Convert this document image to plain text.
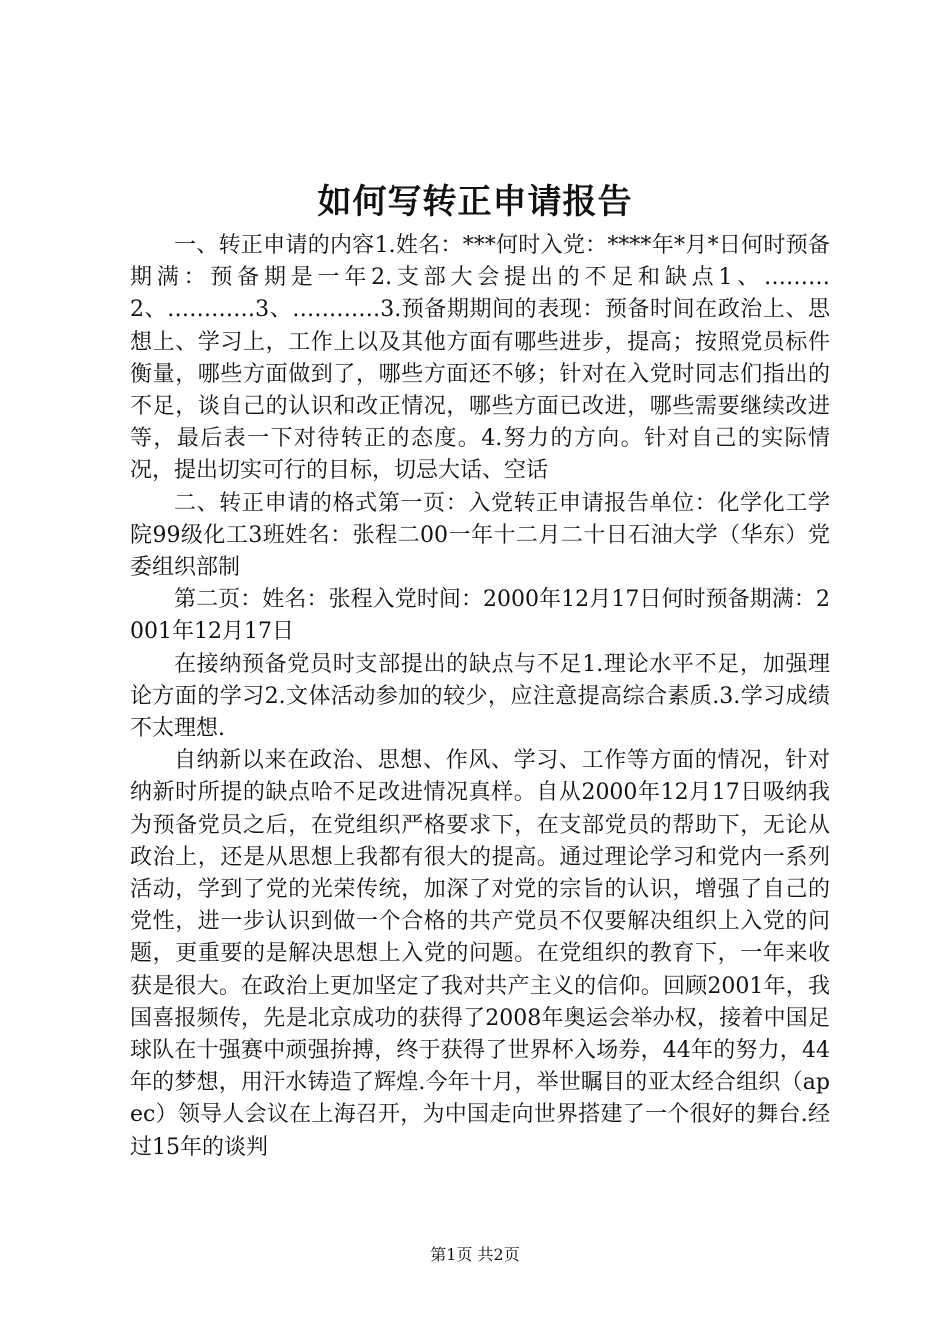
如何写转正申请报告

一、转正申请的内容1.姓名：***何时入党：****年*月*日何时预备期满：预备期是一年2.支部大会提出的不足和缺点1、………2、…………3、…………3.预备期期间的表现：预备时间在政治上、思想上、学习上，工作上以及其他方面有哪些进步，提高；按照党员标件衡量，哪些方面做到了，哪些方面还不够；针对在入党时同志们指出的不足，谈自己的认识和改正情况，哪些方面已改进，哪些需要继续改进等，最后表一下对待转正的态度。4.努力的方向。针对自己的实际情况，提出切实可行的目标，切忌大话、空话

二、转正申请的格式第一页：入党转正申请报告单位：化学化工学院99级化工3班姓名：张程二00一年十二月二十日石油大学（华东）党委组织部制

第二页：姓名：张程入党时间：2000年12月17日何时预备期满：2001年12月17日

在接纳预备党员时支部提出的缺点与不足1.理论水平不足，加强理论方面的学习2.文体活动参加的较少，应注意提高综合素质.3.学习成绩不太理想.

自纳新以来在政治、思想、作风、学习、工作等方面的情况，针对纳新时所提的缺点哈不足改进情况真样。自从2000年12月17日吸纳我为预备党员之后，在党组织严格要求下，在支部党员的帮助下，无论从政治上，还是从思想上我都有很大的提高。通过理论学习和党内一系列活动，学到了党的光荣传统，加深了对党的宗旨的认识，增强了自己的党性，进一步认识到做一个合格的共产党员不仅要解决组织上入党的问题，更重要的是解决思想上入党的问题。在党组织的教育下，一年来收获是很大。在政治上更加坚定了我对共产主义的信仰。回顾2001年，我国喜报频传，先是北京成功的获得了2008年奥运会举办权，接着中国足球队在十强赛中顽强拚搏，终于获得了世界杯入场券，44年的努力，44年的梦想，用汗水铸造了辉煌.今年十月，举世瞩目的亚太经合组织（apec）领导人会议在上海召开，为中国走向世界搭建了一个很好的舞台.经过15年的谈判

第1页 共2页
